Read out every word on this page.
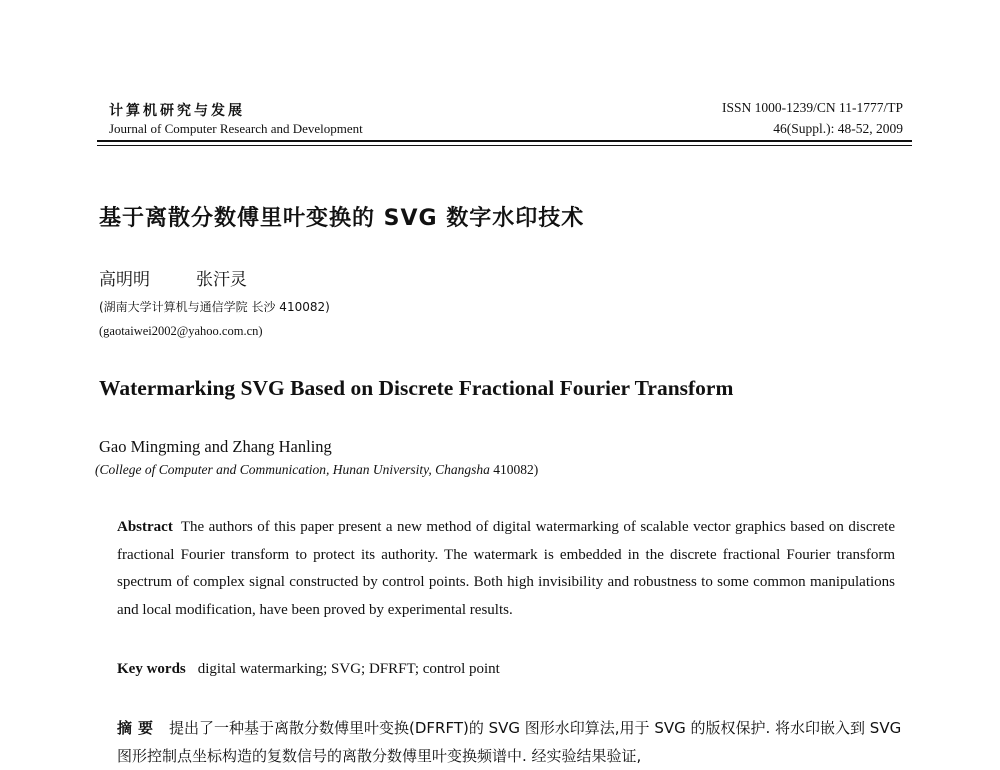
计算机研究与发展
Journal of Computer Research and Development
ISSN 1000-1239/CN 11-1777/TP
46(Suppl.): 48-52, 2009
基于离散分数傅里叶变换的 SVG 数字水印技术
高明明	张汗灵
(湖南大学计算机与通信学院 长沙 410082)
(gaotaiwei2002@yahoo.com.cn)
Watermarking SVG Based on Discrete Fractional Fourier Transform
Gao Mingming and Zhang Hanling
(College of Computer and Communication, Hunan University, Changsha 410082)
Abstract The authors of this paper present a new method of digital watermarking of scalable vector graphics based on discrete fractional Fourier transform to protect its authority. The watermark is embedded in the discrete fractional Fourier transform spectrum of complex signal constructed by control points. Both high invisibility and robustness to some common manipulations and local modification, have been proved by experimental results.
Key words digital watermarking; SVG; DFRFT; control point
摘要 提出了一种基于离散分数傅里叶变换(DFRFT)的 SVG 图形水印算法,用于 SVG 的版权保护. 将水印嵌入到 SVG 图形控制点坐标构造的复数信号的离散分数傅里叶变换频谱中. 经实验结果验证,
